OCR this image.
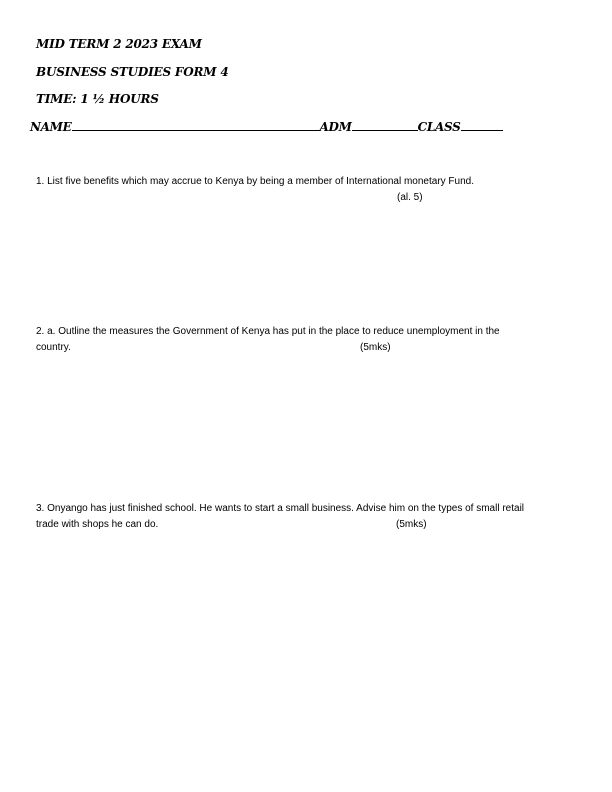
MID TERM 2 2023 EXAM
BUSINESS STUDIES FORM 4
TIME: 1 ½ HOURS
NAME	ADM	CLASS
1. List five benefits which may accrue to Kenya by being a member of International monetary Fund.
(al. 5)
2. a. Outline the measures the Government of Kenya has put in the place to reduce unemployment in the
country.	(5mks)
3. Onyango has just finished school. He wants to start a small business. Advise him on the types of small retail
trade with shops he can do.	(5mks)
